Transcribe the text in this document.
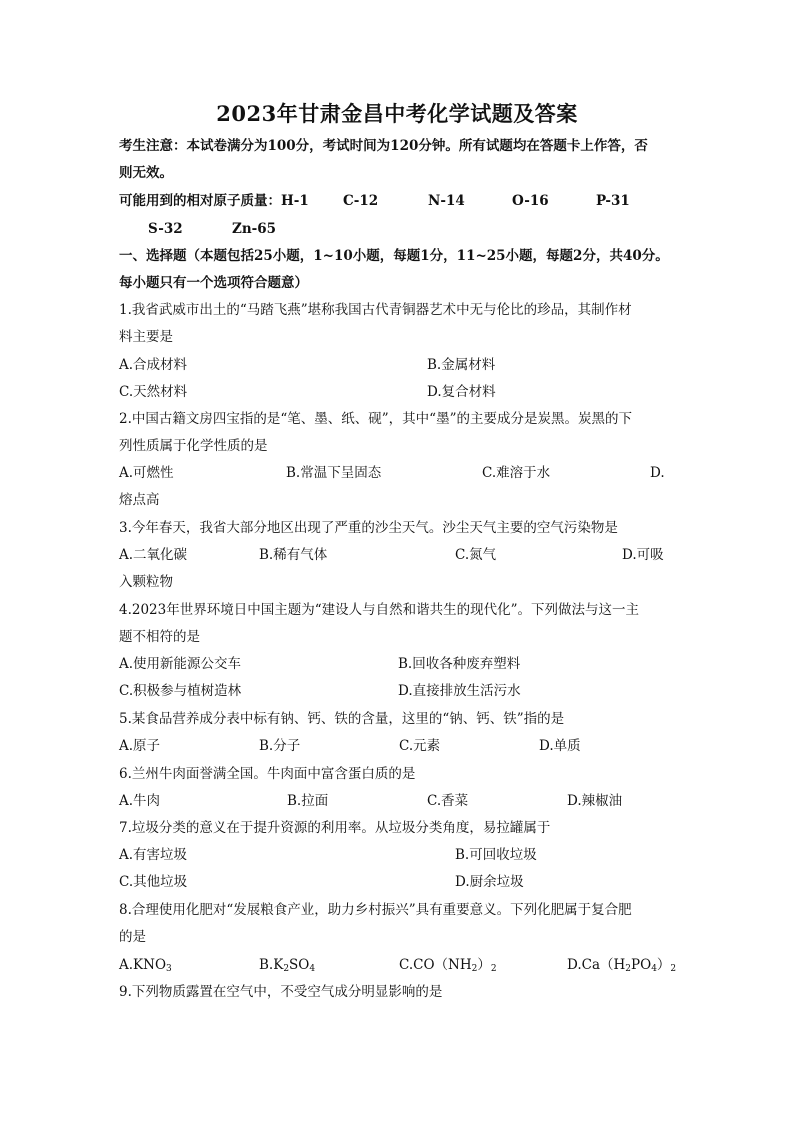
2023年甘肃金昌中考化学试题及答案
考生注意：本试卷满分为100分，考试时间为120分钟。所有试题均在答题卡上作答，否
则无效。
可能用到的相对原子质量：H-1	C-12	N-14	O-16	P-31
S-32	Zn-65
一、选择题（本题包括25小题，1~10小题，每题1分，11~25小题，每题2分，共40分。
每小题只有一个选项符合题意）
1.我省武威市出土的“马踏飞燕”堪称我国古代青铜器艺术中无与伦比的珍品，其制作材
料主要是
A.合成材料	B.金属材料
C.天然材料	D.复合材料
2.中国古籍文房四宝指的是“笔、墨、纸、砚”，其中“墨”的主要成分是炭黑。炭黑的下
列性质属于化学性质的是
A.可燃性	B.常温下呈固态	C.难溶于水	D.
熔点高
3.今年春天，我省大部分地区出现了严重的沙尘天气。沙尘天气主要的空气污染物是
A.二氧化碳	B.稀有气体	C.氮气	D.可吸
入颗粒物
4.2023年世界环境日中国主题为“建设人与自然和谐共生的现代化”。下列做法与这一主
题不相符的是
A.使用新能源公交车	B.回收各种废弃塑料
C.积极参与植树造林	D.直接排放生活污水
5.某食品营养成分表中标有钠、钙、铁的含量，这里的“钠、钙、铁”指的是
A.原子	B.分子	C.元素	D.单质
6.兰州牛肉面誉满全国。牛肉面中富含蛋白质的是
A.牛肉	B.拉面	C.香菜	D.辣椒油
7.垃圾分类的意义在于提升资源的利用率。从垃圾分类角度，易拉罐属于
A.有害垃圾	B.可回收垃圾
C.其他垃圾	D.厨余垃圾
8.合理使用化肥对“发展粮食产业，助力乡村振兴”具有重要意义。下列化肥属于复合肥
的是
$A.KNO_3$	$B.K_2SO_4$	$C.CO(NH_2)_2$	$D.Ca(H_2PO_4)_2$
9.下列物质露置在空气中，不受空气成分明显影响的是
